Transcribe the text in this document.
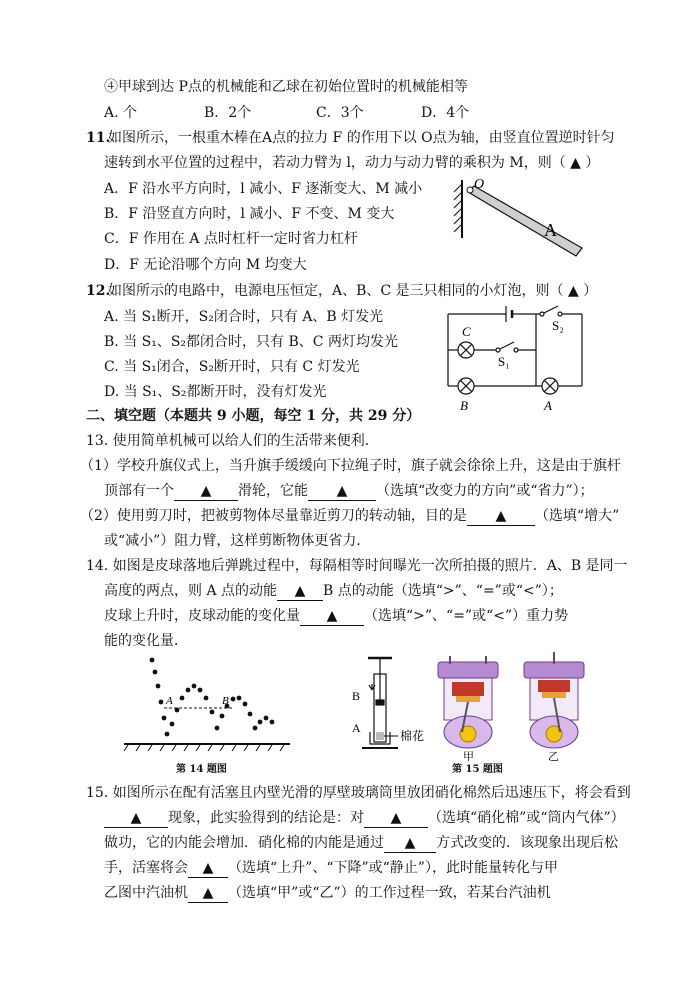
④甲球到达 P点的机械能和乙球在初始位置时的机械能相等
A. 个	B．2个	C．3个	D．4个
11.
如图所示，一根重木棒在A点的拉力 F 的作用下以 O点为轴，由竖直位置逆时针匀
速转到水平位置的过程中，若动力臂为 l，动力与动力臂的乘积为 M，则（ ▲ ）
A．F 沿水平方向时，l 减小、F 逐渐变大、M 减小
B．F 沿竖直方向时，l 减小、F 不变、M 变大
C．F 作用在 A 点时杠杆一定时省力杠杆
D．F 无论沿哪个方向 M 均变大
O
A
12.
如图所示的电路中，电源电压恒定，A、B、C 是三只相同的小灯泡，则（ ▲ ）
A. 当 S₁断开，S₂闭合时，只有 A、B 灯发光
B. 当 S₁、S₂都闭合时，只有 B、C 两灯均发光
C. 当 S₁闭合，S₂断开时，只有 C 灯发光
D. 当 S₁、S₂都断开时，没有灯发光
C
S₁
S₂
B	A
二、填空题（本题共 9 小题，每空 1 分，共 29 分）
13. 使用简单机械可以给人们的生活带来便利．
（1）学校升旗仪式上，当升旗手缓缓向下拉绳子时，旗子就会徐徐上升，这是由于旗杆
顶部有一个 ▲ 滑轮，它能 ▲ （选填“改变力的方向”或“省力”）；
（2）使用剪刀时，把被剪物体尽量靠近剪刀的转动轴，目的是 ▲ （选填“增大”
或“减小”）阻力臂，这样剪断物体更省力．
14. 如图是皮球落地后弹跳过程中，每隔相等时间曝光一次所拍摄的照片．A、B 是同一
高度的两点，则 A 点的动能 ▲ B 点的动能（选填“>”、“=”或“<”）；
皮球上升时，皮球动能的变化量 ▲ （选填“>”、“=”或“<”）重力势
能的变化量．
A	B
第 14 题图
B
A
棉花
甲	乙
第 15 题图
15. 如图所示在配有活塞且内壁光滑的厚壁玻璃筒里放团硝化棉然后迅速压下，将会看到
▲ 现象，此实验得到的结论是：对 ▲ （选填“硝化棉”或“筒内气体”）
做功，它的内能会增加．硝化棉的内能是通过 ▲ 方式改变的．该现象出现后松
手，活塞将会 ▲ （选填“上升”、“下降”或“静止”），此时能量转化与甲
乙图中汽油机 ▲ （选填“甲”或“乙”）的工作过程一致，若某台汽油机
